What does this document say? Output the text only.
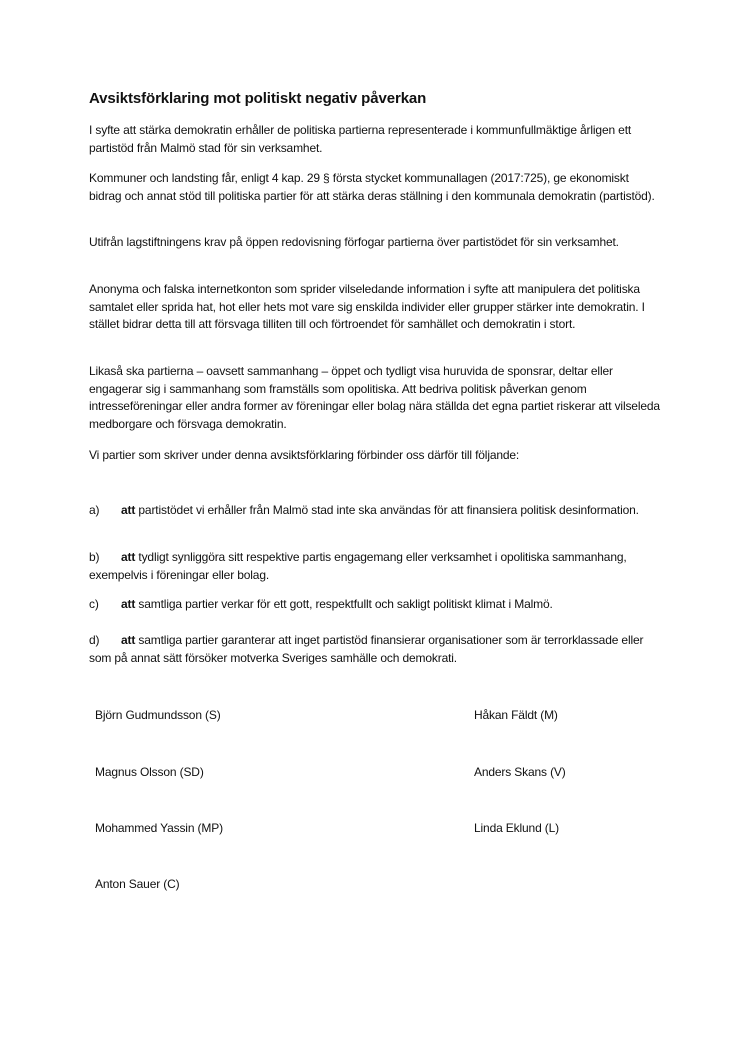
Avsiktsförklaring mot politiskt negativ påverkan

I syfte att stärka demokratin erhåller de politiska partierna representerade i kommunfullmäktige årligen ett partistöd från Malmö stad för sin verksamhet.

Kommuner och landsting får, enligt 4 kap. 29 § första stycket kommunallagen (2017:725), ge ekonomiskt bidrag och annat stöd till politiska partier för att stärka deras ställning i den kommunala demokratin (partistöd).

Utifrån lagstiftningens krav på öppen redovisning förfogar partierna över partistödet för sin verksamhet.

Anonyma och falska internetkonton som sprider vilseledande information i syfte att manipulera det politiska samtalet eller sprida hat, hot eller hets mot vare sig enskilda individer eller grupper stärker inte demokratin. I stället bidrar detta till att försvaga tilliten till och förtroendet för samhället och demokratin i stort.

Likaså ska partierna – oavsett sammanhang – öppet och tydligt visa huruvida de sponsrar, deltar eller engagerar sig i sammanhang som framställs som opolitiska. Att bedriva politisk påverkan genom intresseföreningar eller andra former av föreningar eller bolag nära ställda det egna partiet riskerar att vilseleda medborgare och försvaga demokratin.

Vi partier som skriver under denna avsiktsförklaring förbinder oss därför till följande:

a) att partistödet vi erhåller från Malmö stad inte ska användas för att finansiera politisk desinformation.

b) att tydligt synliggöra sitt respektive partis engagemang eller verksamhet i opolitiska sammanhang, exempelvis i föreningar eller bolag.

c) att samtliga partier verkar för ett gott, respektfullt och sakligt politiskt klimat i Malmö.

d) att samtliga partier garanterar att inget partistöd finansierar organisationer som är terrorklassade eller som på annat sätt försöker motverka Sveriges samhälle och demokrati.

Björn Gudmundsson (S)	Håkan Fäldt (M)
Magnus Olsson (SD)	Anders Skans (V)
Mohammed Yassin (MP)	Linda Eklund (L)
Anton Sauer (C)
